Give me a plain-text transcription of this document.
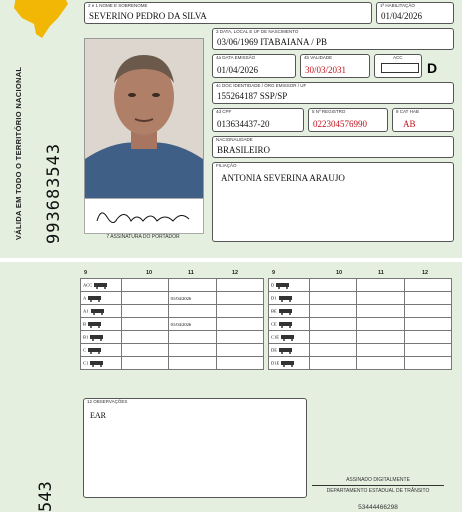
VÁLIDA EM TODO O TERRITÓRIO NACIONAL 993683543	7 ASSINATURA DO PORTADOR
2 e 1 NOME E SOBRENOME
SEVERINO PEDRO DA SILVA
1ª HABILITAÇÃO
01/04/2026
3 DATA, LOCAL E UF DE NASCIMENTO
03/06/1969 ITABAIANA / PB
4a DATA EMISSÃO
01/04/2026
4b VALIDADE
30/03/2031
ACC
D
4c DOC IDENTIDADE / ÓRG EMISSOR / UF
155264187 SSP/SP
4d CPF
013634437-20
5 Nº REGISTRO
022304576990
9 CAT HAB
AB
NACIONALIDADE
BRASILEIRO
FILIAÇÃO
ANTONIA SEVERINA ARAUJO
9	10	11	12	9	10	11	12
ACC			
A		01/04/2026	
A1			
B		01/04/2026	
B1			
C			
C1			
D			
D1			
BE			
CE			
C1E			
DE			
D1E			
12 OBSERVAÇÕES
EAR
ASSINADO DIGITALMENTE
DEPARTAMENTO ESTADUAL DE TRÂNSITO
53444466298
543
